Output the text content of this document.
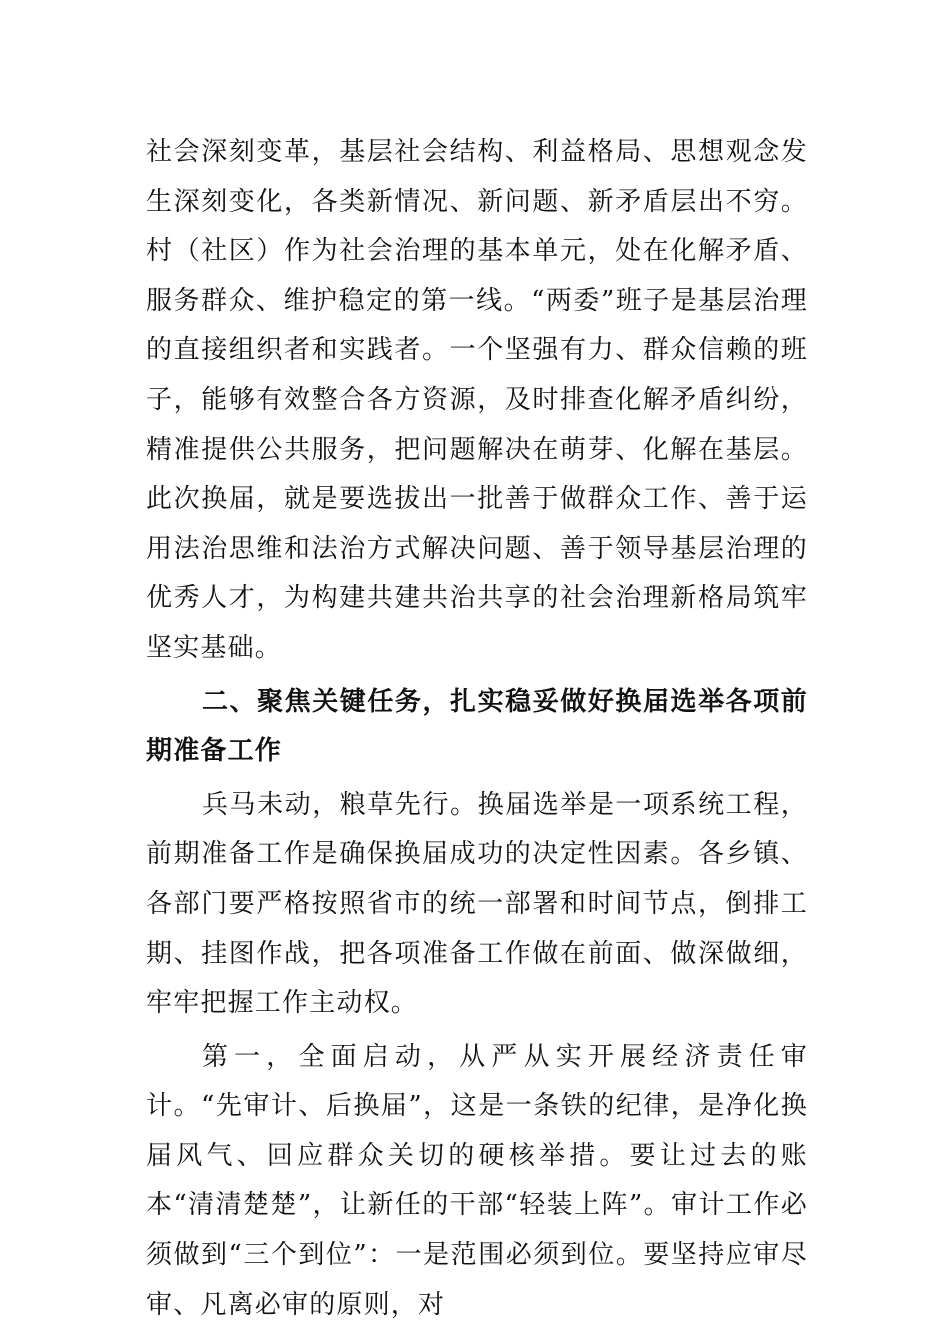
社会深刻变革，基层社会结构、利益格局、思想观念发生深刻变化，各类新情况、新问题、新矛盾层出不穷。村（社区）作为社会治理的基本单元，处在化解矛盾、服务群众、维护稳定的第一线。“两委”班子是基层治理的直接组织者和实践者。一个坚强有力、群众信赖的班子，能够有效整合各方资源，及时排查化解矛盾纠纷，精准提供公共服务，把问题解决在萌芽、化解在基层。此次换届，就是要选拔出一批善于做群众工作、善于运用法治思维和法治方式解决问题、善于领导基层治理的优秀人才，为构建共建共治共享的社会治理新格局筑牢坚实基础。

二、聚焦关键任务，扎实稳妥做好换届选举各项前期准备工作

兵马未动，粮草先行。换届选举是一项系统工程，前期准备工作是确保换届成功的决定性因素。各乡镇、各部门要严格按照省市的统一部署和时间节点，倒排工期、挂图作战，把各项准备工作做在前面、做深做细，牢牢把握工作主动权。

第一，全面启动，从严从实开展经济责任审计。“先审计、后换届”，这是一条铁的纪律，是净化换届风气、回应群众关切的硬核举措。要让过去的账本“清清楚楚”，让新任的干部“轻装上阵”。审计工作必须做到“三个到位”：一是范围必须到位。要坚持应审尽审、凡离必审的原则，对
